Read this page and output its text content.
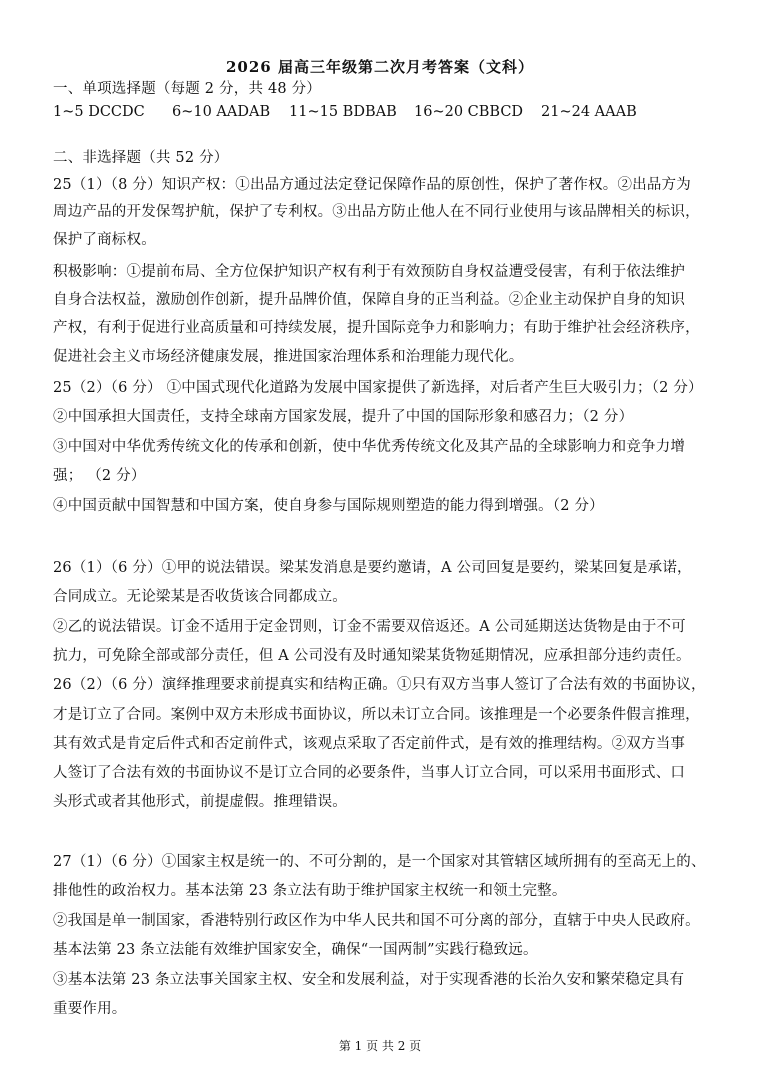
2026 届高三年级第二次月考答案（文科）
一、单项选择题（每题 2 分，共 48 分）
1~5 DCCDC 6~10 AADAB 11~15 BDBAB 16~20 CBBCD 21~24 AAAB
二、非选择题（共 52 分）
25（1）（8 分）知识产权：①出品方通过法定登记保障作品的原创性，保护了著作权。②出品方为
周边产品的开发保驾护航，保护了专利权。③出品方防止他人在不同行业使用与该品牌相关的标识，
保护了商标权。
积极影响：①提前布局、全方位保护知识产权有利于有效预防自身权益遭受侵害，有利于依法维护
自身合法权益，激励创作创新，提升品牌价值，保障自身的正当利益。②企业主动保护自身的知识
产权，有利于促进行业高质量和可持续发展，提升国际竞争力和影响力；有助于维护社会经济秩序，
促进社会主义市场经济健康发展，推进国家治理体系和治理能力现代化。
25（2）（6 分） ①中国式现代化道路为发展中国家提供了新选择，对后者产生巨大吸引力；（2 分）
②中国承担大国责任，支持全球南方国家发展，提升了中国的国际形象和感召力；（2 分）
③中国对中华优秀传统文化的传承和创新，使中华优秀传统文化及其产品的全球影响力和竞争力增
强； （2 分）
④中国贡献中国智慧和中国方案，使自身参与国际规则塑造的能力得到增强。（2 分）
26（1）（6 分）①甲的说法错误。梁某发消息是要约邀请，A 公司回复是要约，梁某回复是承诺，
合同成立。无论梁某是否收货该合同都成立。
②乙的说法错误。订金不适用于定金罚则，订金不需要双倍返还。A 公司延期送达货物是由于不可
抗力，可免除全部或部分责任，但 A 公司没有及时通知梁某货物延期情况，应承担部分违约责任。
26（2）（6 分）演绎推理要求前提真实和结构正确。①只有双方当事人签订了合法有效的书面协议，
才是订立了合同。案例中双方未形成书面协议，所以未订立合同。该推理是一个必要条件假言推理，
其有效式是肯定后件式和否定前件式，该观点采取了否定前件式，是有效的推理结构。②双方当事
人签订了合法有效的书面协议不是订立合同的必要条件，当事人订立合同，可以采用书面形式、口
头形式或者其他形式，前提虚假。推理错误。
27（1）（6 分）①国家主权是统一的、不可分割的，是一个国家对其管辖区域所拥有的至高无上的、
排他性的政治权力。基本法第 23 条立法有助于维护国家主权统一和领土完整。
②我国是单一制国家，香港特别行政区作为中华人民共和国不可分离的部分，直辖于中央人民政府。
基本法第 23 条立法能有效维护国家安全，确保“一国两制”实践行稳致远。
③基本法第 23 条立法事关国家主权、安全和发展利益，对于实现香港的长治久安和繁荣稳定具有
重要作用。
第 1 页 共 2 页
